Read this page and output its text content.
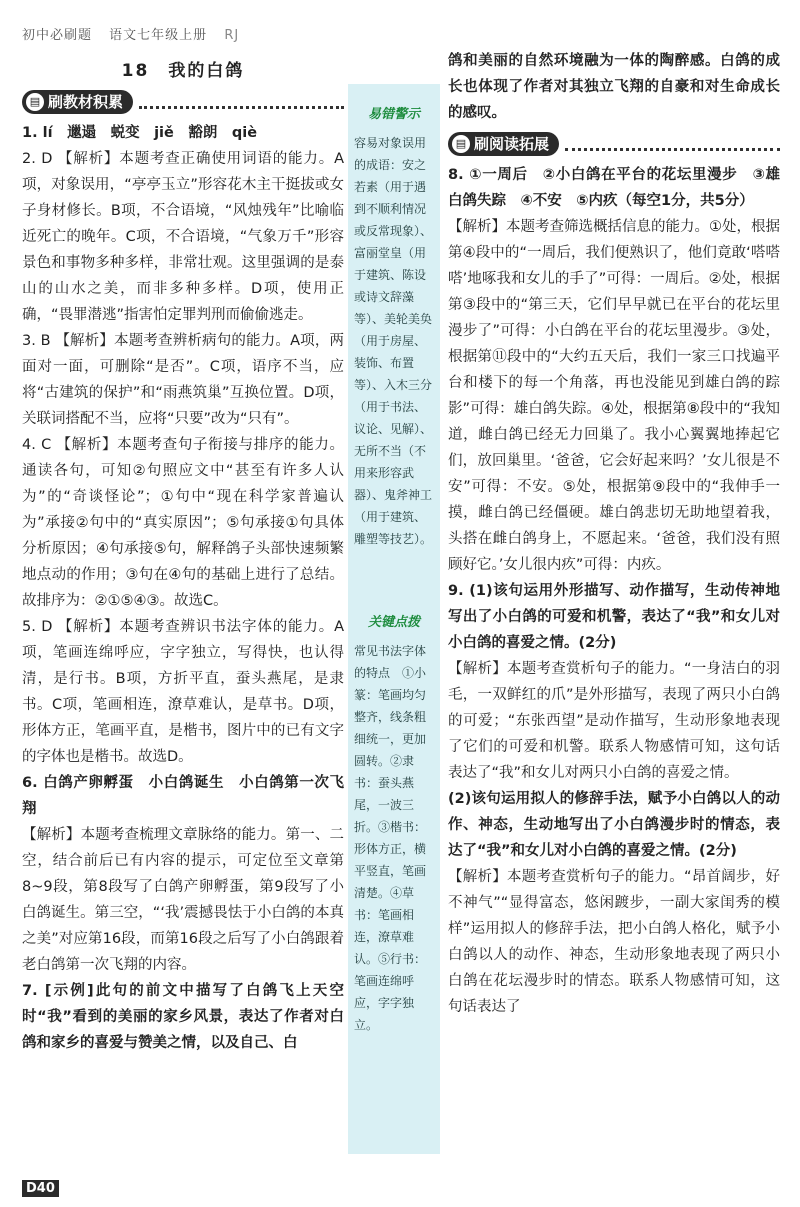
初中必刷题 语文七年级上册 RJ
18　我的白鸽
▤ 刷教材积累

1. lí　邋遢　蜕变　jiě　豁朗　qiè

2. D 【解析】本题考查正确使用词语的能力。A项，对象误用，“亭亭玉立”形容花木主干挺拔或女子身材修长。B项，不合语境，“风烛残年”比喻临近死亡的晚年。C项，不合语境，“气象万千”形容景色和事物多种多样，非常壮观。这里强调的是泰山的山水之美，而非多种多样。D项，使用正确，“畏罪潜逃”指害怕定罪判刑而偷偷逃走。

3. B 【解析】本题考查辨析病句的能力。A项，两面对一面，可删除“是否”。C项，语序不当，应将“古建筑的保护”和“雨燕筑巢”互换位置。D项，关联词搭配不当，应将“只要”改为“只有”。

4. C 【解析】本题考查句子衔接与排序的能力。通读各句，可知②句照应文中“甚至有许多人认为”的“奇谈怪论”；①句中“现在科学家普遍认为”承接②句中的“真实原因”；⑤句承接①句具体分析原因；④句承接⑤句，解释鸽子头部快速频繁地点动的作用；③句在④句的基础上进行了总结。故排序为：②①⑤④③。故选C。

5. D 【解析】本题考查辨识书法字体的能力。A项，笔画连绵呼应，字字独立，写得快，也认得清，是行书。B项，方折平直，蚕头燕尾，是隶书。C项，笔画相连，潦草难认，是草书。D项，形体方正，笔画平直，是楷书，图片中的已有文字的字体也是楷书。故选D。

6. 白鸽产卵孵蛋　小白鸽诞生　小白鸽第一次飞翔

【解析】本题考查梳理文章脉络的能力。第一、二空，结合前后已有内容的提示，可定位至文章第8~9段，第8段写了白鸽产卵孵蛋，第9段写了小白鸽诞生。第三空，“‘我’震撼畏怯于小白鸽的本真之美”对应第16段，而第16段之后写了小白鸽跟着老白鸽第一次飞翔的内容。

7. [示例]此句的前文中描写了白鸽飞上天空时“我”看到的美丽的家乡风景，表达了作者对白鸽和家乡的喜爱与赞美之情，以及自己、白

易错警示
容易对象误用的成语：安之若素（用于遇到不顺利情况或反常现象）、富丽堂皇（用于建筑、陈设或诗文辞藻等）、美轮美奂（用于房屋、装饰、布置等）、入木三分（用于书法、议论、见解）、无所不当（不用来形容武器）、鬼斧神工（用于建筑、雕塑等技艺）。
关键点拨
常见书法字体的特点　①小篆：笔画均匀整齐，线条粗细统一，更加圆转。②隶书：蚕头燕尾，一波三折。③楷书：形体方正，横平竖直，笔画清楚。④草书：笔画相连，潦草难认。⑤行书：笔画连绵呼应，字字独立。

鸽和美丽的自然环境融为一体的陶醉感。白鸽的成长也体现了作者对其独立飞翔的自豪和对生命成长的感叹。

▤ 刷阅读拓展

8. ①一周后　②小白鸽在平台的花坛里漫步　③雄白鸽失踪　④不安　⑤内疚（每空1分，共5分）

【解析】本题考查筛选概括信息的能力。①处，根据第④段中的“一周后，我们便熟识了，他们竟敢‘嗒嗒嗒’地啄我和女儿的手了”可得：一周后。②处，根据第③段中的“第三天，它们早早就已在平台的花坛里漫步了”可得：小白鸽在平台的花坛里漫步。③处，根据第⑪段中的“大约五天后，我们一家三口找遍平台和楼下的每一个角落，再也没能见到雄白鸽的踪影”可得：雄白鸽失踪。④处，根据第⑧段中的“我知道，雌白鸽已经无力回巢了。我小心翼翼地捧起它们，放回巢里。‘爸爸，它会好起来吗？’女儿很是不安”可得：不安。⑤处，根据第⑨段中的“我伸手一摸，雌白鸽已经僵硬。雄白鸽悲切无助地望着我，头搭在雌白鸽身上，不愿起来。‘爸爸，我们没有照顾好它。’女儿很内疚”可得：内疚。

9. (1)该句运用外形描写、动作描写，生动传神地写出了小白鸽的可爱和机警，表达了“我”和女儿对小白鸽的喜爱之情。(2分)

【解析】本题考查赏析句子的能力。“一身洁白的羽毛，一双鲜红的爪”是外形描写，表现了两只小白鸽的可爱；“东张西望”是动作描写，生动形象地表现了它们的可爱和机警。联系人物感情可知，这句话表达了“我”和女儿对两只小白鸽的喜爱之情。

(2)该句运用拟人的修辞手法，赋予小白鸽以人的动作、神态，生动地写出了小白鸽漫步时的情态，表达了“我”和女儿对小白鸽的喜爱之情。(2分)

【解析】本题考查赏析句子的能力。“昂首阔步，好不神气”“显得富态，悠闲踱步，一副大家闺秀的模样”运用拟人的修辞手法，把小白鸽人格化，赋予小白鸽以人的动作、神态，生动形象地表现了两只小白鸽在花坛漫步时的情态。联系人物感情可知，这句话表达了

D40
